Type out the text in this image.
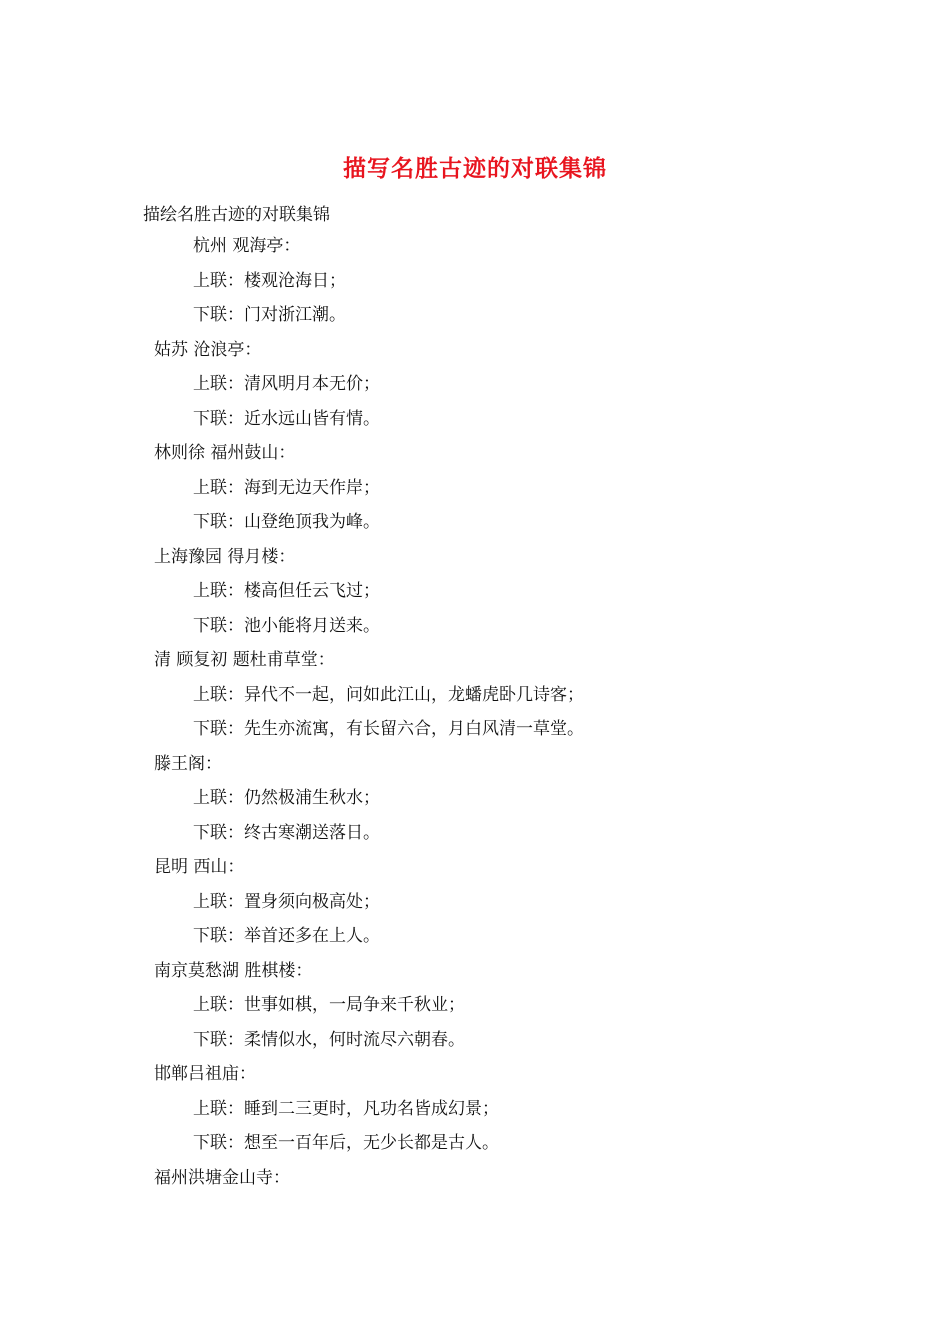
描写名胜古迹的对联集锦
描绘名胜古迹的对联集锦
杭州 观海亭：
上联：楼观沧海日；
下联：门对浙江潮。
姑苏 沧浪亭：
上联：清风明月本无价；
下联：近水远山皆有情。
林则徐 福州鼓山：
上联：海到无边天作岸；
下联：山登绝顶我为峰。
上海豫园 得月楼：
上联：楼高但任云飞过；
下联：池小能将月送来。
清 顾复初 题杜甫草堂：
上联：异代不一起，问如此江山，龙蟠虎卧几诗客；
下联：先生亦流寓，有长留六合，月白风清一草堂。
滕王阁：
上联：仍然极浦生秋水；
下联：终古寒潮送落日。
昆明 西山：
上联：置身须向极高处；
下联：举首还多在上人。
南京莫愁湖 胜棋楼：
上联：世事如棋，一局争来千秋业；
下联：柔情似水，何时流尽六朝春。
邯郸吕祖庙：
上联：睡到二三更时，凡功名皆成幻景；
下联：想至一百年后，无少长都是古人。
福州洪塘金山寺：
